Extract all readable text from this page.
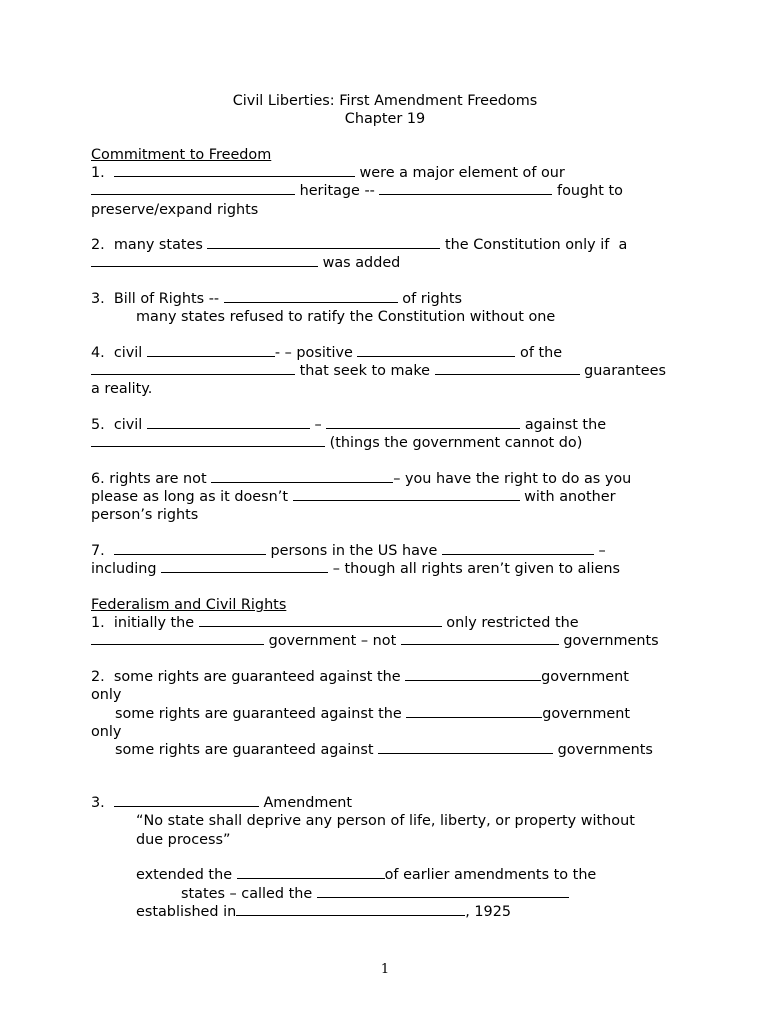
Civil Liberties: First Amendment Freedoms
Chapter 19
Commitment to Freedom
1.	were a major element of our
heritage --	fought to
preserve/expand rights
2.  many states	the Constitution only if  a
was added
3.  Bill of Rights --	of rights
many states refused to ratify the Constitution without one
4.  civil	- – positive	of the
that seek to make	guarantees
a reality.
5.  civil	–	against the
(things the government cannot do)
6. rights are not	– you have the right to do as you
please as long as it doesn’t	with another
person’s rights
7.	persons in the US have	–
including	– though all rights aren’t given to aliens
Federalism and Civil Rights
1.  initially the	only restricted the
government – not	governments
2.  some rights are guaranteed against the	government
only
some rights are guaranteed against the	government
only
some rights are guaranteed against	governments
3.	Amendment
“No state shall deprive any person of life, liberty, or property without
due process”
extended the	of earlier amendments to the
states – called the
established in	, 1925
1
